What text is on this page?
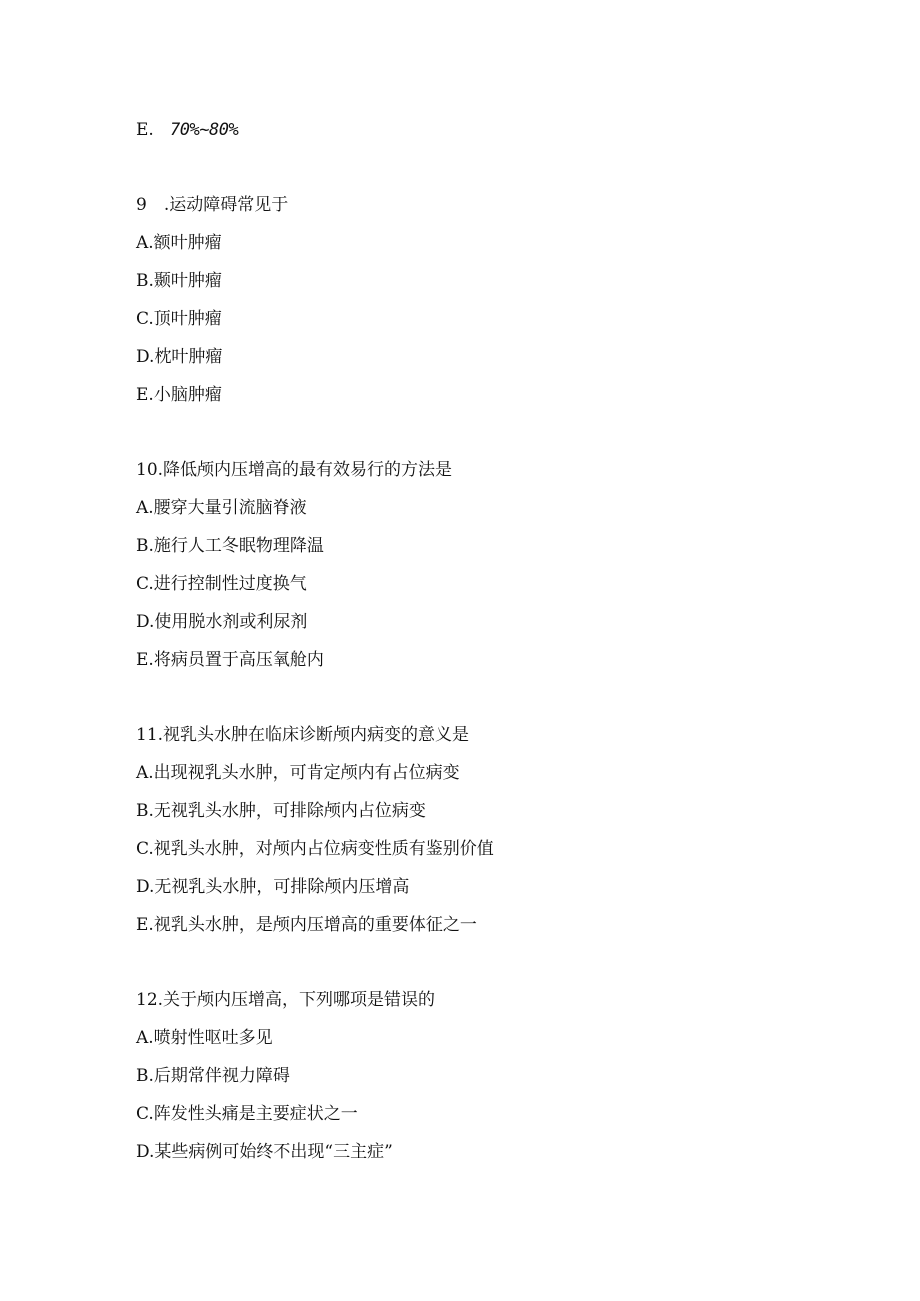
E. 70%~80%
9　.运动障碍常见于
A.额叶肿瘤
B.颞叶肿瘤
C.顶叶肿瘤
D.枕叶肿瘤
E.小脑肿瘤
10.降低颅内压增高的最有效易行的方法是
A.腰穿大量引流脑脊液
B.施行人工冬眠物理降温
C.进行控制性过度换气
D.使用脱水剂或利尿剂
E.将病员置于高压氧舱内
11.视乳头水肿在临床诊断颅内病变的意义是
A.出现视乳头水肿，可肯定颅内有占位病变
B.无视乳头水肿，可排除颅内占位病变
C.视乳头水肿，对颅内占位病变性质有鉴别价值
D.无视乳头水肿，可排除颅内压增高
E.视乳头水肿，是颅内压增高的重要体征之一
12.关于颅内压增高，下列哪项是错误的
A.喷射性呕吐多见
B.后期常伴视力障碍
C.阵发性头痛是主要症状之一
D.某些病例可始终不出现“三主症”
